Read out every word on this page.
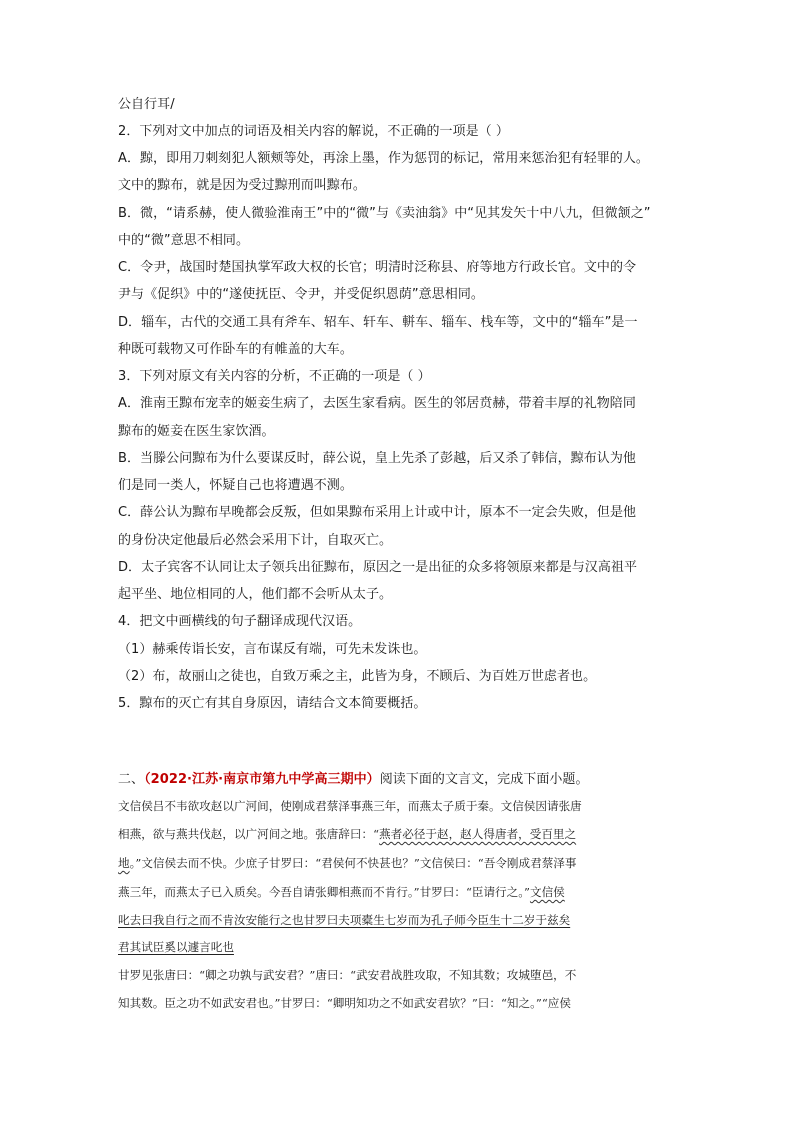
公自行耳/
2．下列对文中加点的词语及相关内容的解说，不正确的一项是（ ）
A．黥，即用刀刺刻犯人额颊等处，再涂上墨，作为惩罚的标记，常用来惩治犯有轻罪的人。
文中的黥布，就是因为受过黥刑而叫黥布。
B．微，“请系赫，使人微验淮南王”中的“微”与《卖油翁》中“见其发矢十中八九，但微颔之”
中的“微”意思不相同。
C．令尹，战国时楚国执掌军政大权的长官；明清时泛称县、府等地方行政长官。文中的令
尹与《促织》中的“遂使抚臣、令尹，并受促织恩荫”意思相同。
D．辎车，古代的交通工具有斧车、轺车、轩车、軿车、辎车、栈车等，文中的“辎车”是一
种既可载物又可作卧车的有帷盖的大车。
3．下列对原文有关内容的分析，不正确的一项是（ ）
A．淮南王黥布宠幸的姬妾生病了，去医生家看病。医生的邻居贲赫，带着丰厚的礼物陪同
黥布的姬妾在医生家饮酒。
B．当滕公问黥布为什么要谋反时，薛公说，皇上先杀了彭越，后又杀了韩信，黥布认为他
们是同一类人，怀疑自己也将遭遇不测。
C．薛公认为黥布早晚都会反叛，但如果黥布采用上计或中计，原本不一定会失败，但是他
的身份决定他最后必然会采用下计，自取灭亡。
D．太子宾客不认同让太子领兵出征黥布，原因之一是出征的众多将领原来都是与汉高祖平
起平坐、地位相同的人，他们都不会听从太子。
4．把文中画横线的句子翻译成现代汉语。
（1）赫乘传诣长安，言布谋反有端，可先未发诛也。
（2）布，故丽山之徒也，自致万乘之主，此皆为身，不顾后、为百姓万世虑者也。
5．黥布的灭亡有其自身原因，请结合文本简要概括。
二、（2022·江苏·南京市第九中学高三期中）阅读下面的文言文，完成下面小题。
文信侯吕不韦欲攻赵以广河间，使刚成君蔡泽事燕三年，而燕太子质于秦。文信侯因请张唐
相燕，欲与燕共伐赵，以广河间之地。张唐辞曰：“燕者必径于赵，赵人得唐者，受百里之
地。”文信侯去而不快。少庶子甘罗曰：“君侯何不快甚也？”文信侯曰：“吾令刚成君蔡泽事
燕三年，而燕太子已入质矣。今吾自请张卿相燕而不肯行。”甘罗曰：“臣请行之。”文信侯
叱去曰我自行之而不肯汝安能行之也甘罗曰夫项橐生七岁而为孔子师今臣生十二岁于兹矣
君其试臣奚以遽言叱也
甘罗见张唐曰：“卿之功孰与武安君？”唐曰：“武安君战胜攻取，不知其数；攻城堕邑，不
知其数。臣之功不如武安君也。”甘罗曰：“卿明知功之不如武安君欤？”曰：“知之。”“应侯
